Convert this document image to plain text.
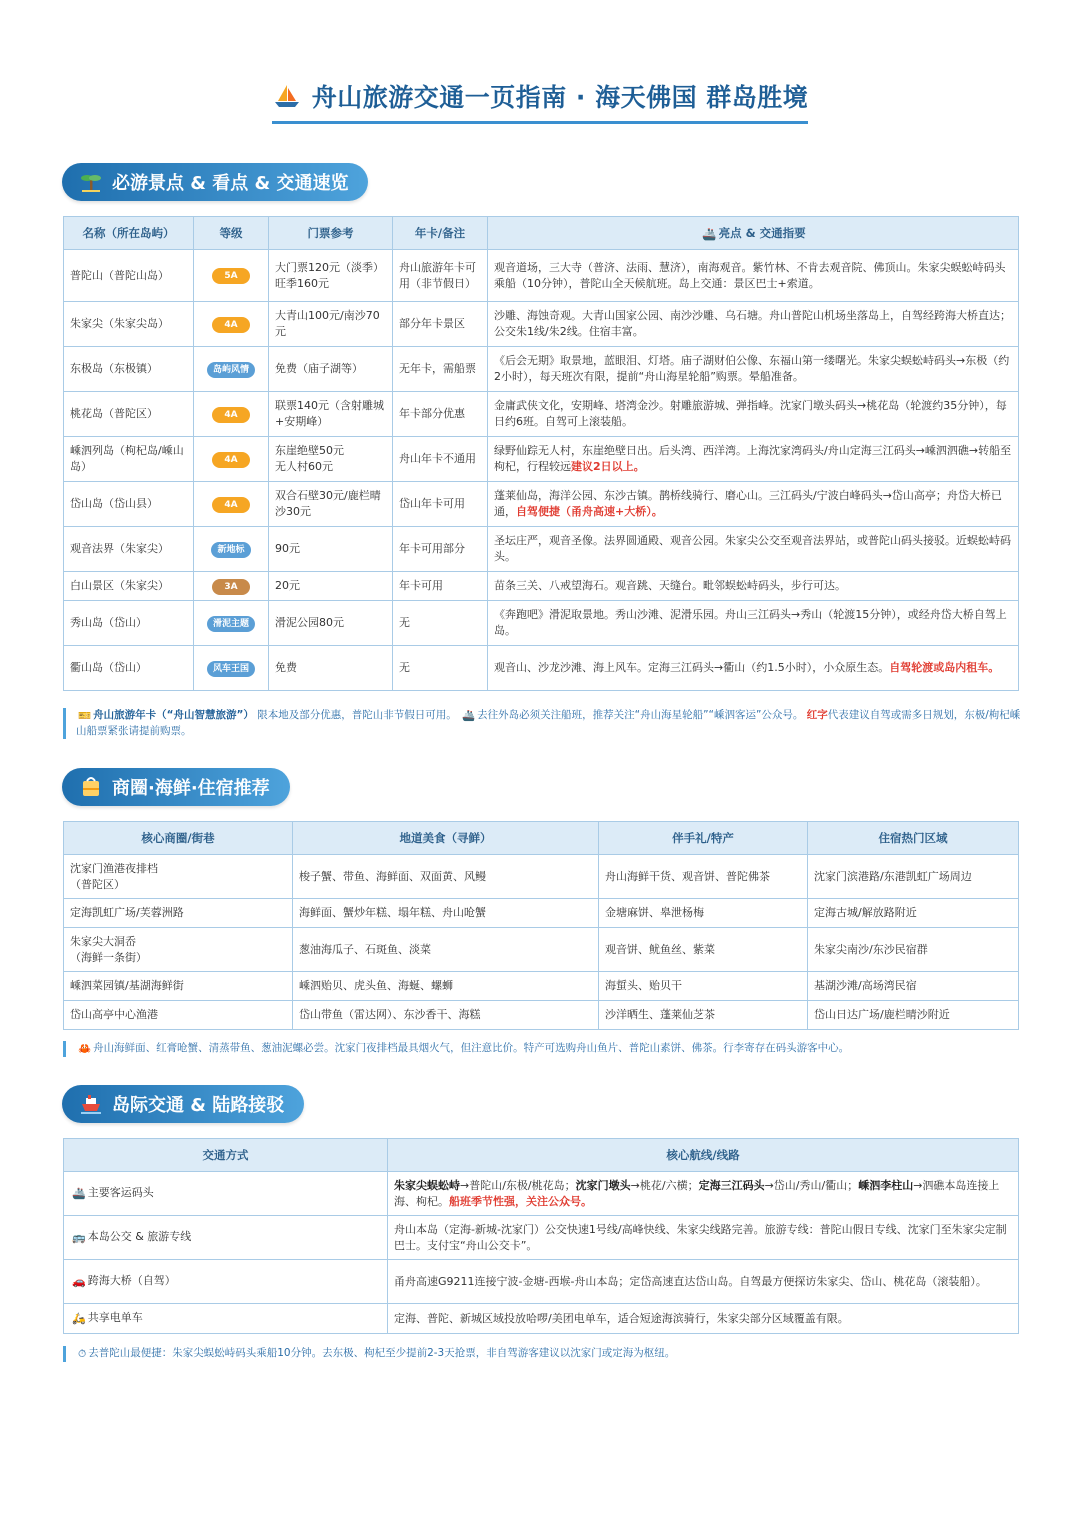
舟山旅游交通一页指南 · 海天佛国 群岛胜境
必游景点 & 看点 & 交通速览
名称（所在岛屿）	等级	门票参考	年卡/备注	🚢 亮点 & 交通指要
普陀山（普陀山岛）	5A	大门票120元（淡季）
旺季160元	舟山旅游年卡可用（非节假日）	观音道场，三大寺（普济、法雨、慧济），南海观音。紫竹林、不肯去观音院、佛顶山。朱家尖蜈蚣峙码头乘船（10分钟），普陀山全天候航班。岛上交通：景区巴士+索道。
朱家尖（朱家尖岛）	4A	大青山100元/南沙70元	部分年卡景区	沙雕、海蚀奇观。大青山国家公园、南沙沙雕、乌石塘。舟山普陀山机场坐落岛上，自驾经跨海大桥直达；公交朱1线/朱2线。住宿丰富。
东极岛（东极镇）	岛屿风情	免费（庙子湖等）	无年卡，需船票	《后会无期》取景地，蓝眼泪、灯塔。庙子湖财伯公像、东福山第一缕曙光。朱家尖蜈蚣峙码头→东极（约2小时），每天班次有限，提前“舟山海星轮船”购票。晕船准备。
桃花岛（普陀区）	4A	联票140元（含射雕城+安期峰）	年卡部分优惠	金庸武侠文化，安期峰、塔湾金沙。射雕旅游城、弹指峰。沈家门墩头码头→桃花岛（轮渡约35分钟），每日约6班。自驾可上滚装船。
嵊泗列岛（枸杞岛/嵊山岛）	4A	东崖绝壁50元
无人村60元	舟山年卡不通用	绿野仙踪无人村，东崖绝壁日出。后头湾、西洋湾。上海沈家湾码头/舟山定海三江码头→嵊泗泗礁→转船至枸杞，行程较远建议2日以上。
岱山岛（岱山县）	4A	双合石壁30元/鹿栏晴沙30元	岱山年卡可用	蓬莱仙岛，海洋公园、东沙古镇。鹊桥线骑行、磨心山。三江码头/宁波白峰码头→岱山高亭；舟岱大桥已通，自驾便捷（甬舟高速+大桥）。
观音法界（朱家尖）	新地标	90元	年卡可用部分	圣坛庄严，观音圣像。法界圆通殿、观音公园。朱家尖公交至观音法界站，或普陀山码头接驳。近蜈蚣峙码头。
白山景区（朱家尖）	3A	20元	年卡可用	苗条三关、八戒望海石。观音跳、天缝台。毗邻蜈蚣峙码头，步行可达。
秀山岛（岱山）	滑泥主题	滑泥公园80元	无	《奔跑吧》滑泥取景地。秀山沙滩、泥滑乐园。舟山三江码头→秀山（轮渡15分钟），或经舟岱大桥自驾上岛。
衢山岛（岱山）	风车王国	免费	无	观音山、沙龙沙滩、海上风车。定海三江码头→衢山（约1.5小时），小众原生态。自驾轮渡或岛内租车。
🎫 舟山旅游年卡（“舟山智慧旅游”） 限本地及部分优惠，普陀山非节假日可用。 🚢 去往外岛必须关注船班，推荐关注“舟山海星轮船”“嵊泗客运”公众号。 红字代表建议自驾或需多日规划，东极/枸杞嵊山船票紧张请提前购票。
商圈·海鲜·住宿推荐
核心商圈/街巷	地道美食（寻鲜）	伴手礼/特产	住宿热门区域
沈家门渔港夜排档
（普陀区）	梭子蟹、带鱼、海鲜面、双面黄、风鳗	舟山海鲜干货、观音饼、普陀佛茶	沈家门滨港路/东港凯虹广场周边
定海凯虹广场/芙蓉洲路	海鲜面、蟹炒年糕、塌年糕、舟山呛蟹	金塘麻饼、皋泄杨梅	定海古城/解放路附近
朱家尖大洞岙
（海鲜一条街）	葱油海瓜子、石斑鱼、淡菜	观音饼、鱿鱼丝、紫菜	朱家尖南沙/东沙民宿群
嵊泗菜园镇/基湖海鲜街	嵊泗贻贝、虎头鱼、海蜒、螺蛳	海蜇头、贻贝干	基湖沙滩/高场湾民宿
岱山高亭中心渔港	岱山带鱼（雷达网）、东沙香干、海糕	沙洋晒生、蓬莱仙芝茶	岱山日达广场/鹿栏晴沙附近
🦀 舟山海鲜面、红膏呛蟹、清蒸带鱼、葱油泥螺必尝。沈家门夜排档最具烟火气，但注意比价。特产可选购舟山鱼片、普陀山素饼、佛茶。行李寄存在码头游客中心。
岛际交通 & 陆路接驳
交通方式	核心航线/线路
🚢 主要客运码头	朱家尖蜈蚣峙→普陀山/东极/桃花岛；沈家门墩头→桃花/六横；定海三江码头→岱山/秀山/衢山；嵊泗李柱山→泗礁本岛连接上海、枸杞。船班季节性强，关注公众号。
🚌 本岛公交 & 旅游专线	舟山本岛（定海-新城-沈家门）公交快速1号线/高峰快线、朱家尖线路完善。旅游专线：普陀山假日专线、沈家门至朱家尖定制巴士。支付宝“舟山公交卡”。
🚗 跨海大桥（自驾）	甬舟高速G9211连接宁波-金塘-西堠-舟山本岛；定岱高速直达岱山岛。自驾最方便探访朱家尖、岱山、桃花岛（滚装船）。
🛵 共享电单车	定海、普陀、新城区域投放哈啰/美团电单车，适合短途海滨骑行，朱家尖部分区域覆盖有限。
⏱ 去普陀山最便捷：朱家尖蜈蚣峙码头乘船10分钟。去东极、枸杞至少提前2-3天抢票，非自驾游客建议以沈家门或定海为枢纽。
